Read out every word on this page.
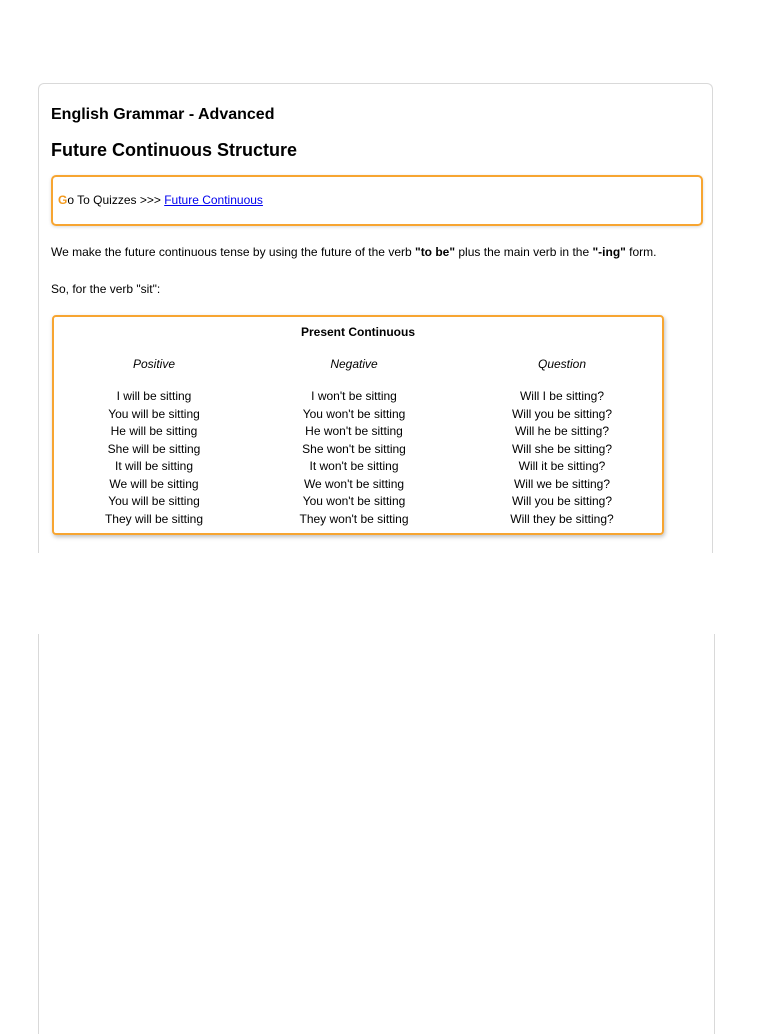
English Grammar - Advanced
Future Continuous Structure
Go To Quizzes >>> Future Continuous
We make the future continuous tense by using the future of the verb "to be" plus the main verb in the "-ing" form.
So, for the verb "sit":
Present Continuous
Positive
I will be sitting
You will be sitting
He will be sitting
She will be sitting
It will be sitting
We will be sitting
You will be sitting
They will be sitting
Negative
I won't be sitting
You won't be sitting
He won't be sitting
She won't be sitting
It won't be sitting
We won't be sitting
You won't be sitting
They won't be sitting
Question
Will I be sitting?
Will you be sitting?
Will he be sitting?
Will she be sitting?
Will it be sitting?
Will we be sitting?
Will you be sitting?
Will they be sitting?
